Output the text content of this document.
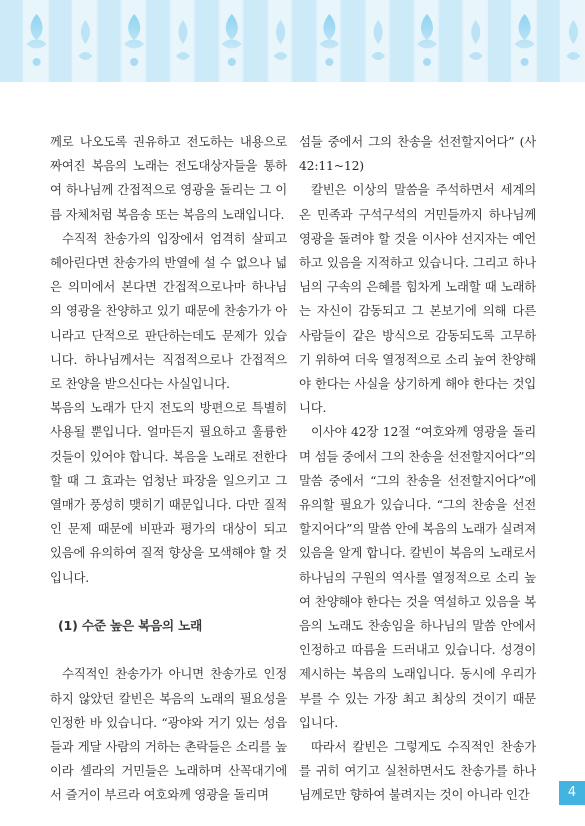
께로 나오도록 권유하고 전도하는 내용으로 짜여진 복음의 노래는 전도대상자들을 통하여 하나님께 간접적으로 영광을 돌리는 그 이름 자체처럼 복음송 또는 복음의 노래입니다.

수직적 찬송가의 입장에서 엄격히 살피고 헤아린다면 찬송가의 반열에 설 수 없으나 넓은 의미에서 본다면 간접적으로나마 하나님의 영광을 찬양하고 있기 때문에 찬송가가 아니라고 단적으로 판단하는데도 문제가 있습니다. 하나님께서는 직접적으로나 간접적으로 찬양을 받으신다는 사실입니다.

복음의 노래가 단지 전도의 방편으로 특별히 사용될 뿐입니다. 얼마든지 필요하고 훌륭한 것들이 있어야 합니다. 복음을 노래로 전한다 할 때 그 효과는 엄청난 파장을 일으키고 그 열매가 풍성히 맺히기 때문입니다. 다만 질적인 문제 때문에 비판과 평가의 대상이 되고 있음에 유의하여 질적 향상을 모색해야 할 것입니다.

(1) 수준 높은 복음의 노래

수직적인 찬송가가 아니면 찬송가로 인정하지 않았던 칼빈은 복음의 노래의 필요성을 인정한 바 있습니다. “광야와 거기 있는 성읍들과 게달 사람의 거하는 촌락들은 소리를 높이라 셀라의 거민들은 노래하며 산꼭대기에서 즐거이 부르라 여호와께 영광을 돌리며

섬들 중에서 그의 찬송을 선전할지어다” (사 42:11~12)

칼빈은 이상의 말씀을 주석하면서 세계의 온 민족과 구석구석의 거민들까지 하나님께 영광을 돌려야 할 것을 이사야 선지자는 예언하고 있음을 지적하고 있습니다. 그리고 하나님의 구속의 은혜를 힘차게 노래할 때 노래하는 자신이 감동되고 그 본보기에 의해 다른 사람들이 같은 방식으로 감동되도록 고무하기 위하여 더욱 열정적으로 소리 높여 찬양해야 한다는 사실을 상기하게 해야 한다는 것입니다.

이사야 42장 12절 “여호와께 영광을 돌리며 섬들 중에서 그의 찬송을 선전할지어다”의 말씀 중에서 “그의 찬송을 선전할지어다”에 유의할 필요가 있습니다. “그의 찬송을 선전할지어다”의 말씀 안에 복음의 노래가 실려져 있음을 알게 합니다. 칼빈이 복음의 노래로서 하나님의 구원의 역사를 열정적으로 소리 높여 찬양해야 한다는 것을 역설하고 있음을 복음의 노래도 찬송임을 하나님의 말씀 안에서 인정하고 따름을 드러내고 있습니다. 성경이 제시하는 복음의 노래입니다. 동시에 우리가 부를 수 있는 가장 최고 최상의 것이기 때문입니다.

따라서 칼빈은 그렇게도 수직적인 찬송가를 귀히 여기고 실천하면서도 찬송가를 하나님께로만 향하여 불려지는 것이 아니라 인간	4
